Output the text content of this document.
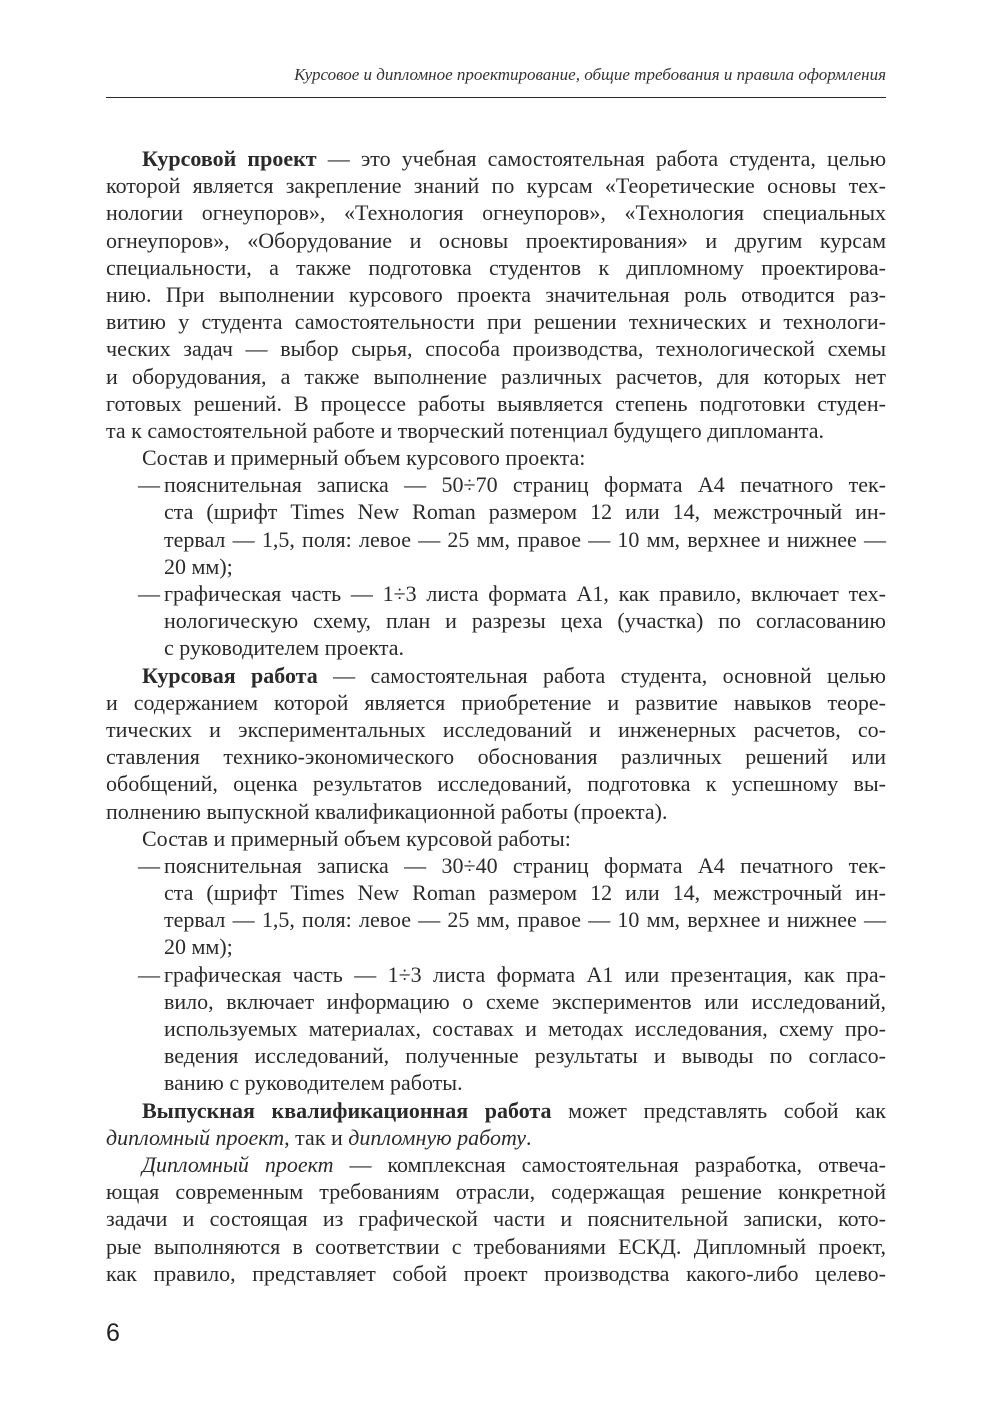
Курсовое и дипломное проектирование, общие требования и правила оформления
Курсовой проект — это учебная самостоятельная работа студента, целью
которой является закрепление знаний по курсам «Теоретические основы тех-
нологии огнеупоров», «Технология огнеупоров», «Технология специальных
огнеупоров», «Оборудование и основы проектирования» и другим курсам
специальности, а также подготовка студентов к дипломному проектирова-
нию. При выполнении курсового проекта значительная роль отводится раз-
витию у студента самостоятельности при решении технических и технологи-
ческих задач — выбор сырья, способа производства, технологической схемы
и оборудования, а также выполнение различных расчетов, для которых нет
готовых решений. В процессе работы выявляется степень подготовки студен-
та к самостоятельной работе и творческий потенциал будущего дипломанта.
Состав и примерный объем курсового проекта:
— пояснительная записка — 50÷70 страниц формата А4 печатного тек-
ста (шрифт Times New Roman размером 12 или 14, межстрочный ин-
тервал — 1,5, поля: левое — 25 мм, правое — 10 мм, верхнее и нижнее —
20 мм);
— графическая часть — 1÷3 листа формата А1, как правило, включает тех-
нологическую схему, план и разрезы цеха (участка) по согласованию
с руководителем проекта.
Курсовая работа — самостоятельная работа студента, основной целью
и содержанием которой является приобретение и развитие навыков теоре-
тических и экспериментальных исследований и инженерных расчетов, со-
ставления технико-экономического обоснования различных решений или
обобщений, оценка результатов исследований, подготовка к успешному вы-
полнению выпускной квалификационной работы (проекта).
Состав и примерный объем курсовой работы:
— пояснительная записка — 30÷40 страниц формата А4 печатного тек-
ста (шрифт Times New Roman размером 12 или 14, межстрочный ин-
тервал — 1,5, поля: левое — 25 мм, правое — 10 мм, верхнее и нижнее —
20 мм);
— графическая часть — 1÷3 листа формата А1 или презентация, как пра-
вило, включает информацию о схеме экспериментов или исследований,
используемых материалах, составах и методах исследования, схему про-
ведения исследований, полученные результаты и выводы по согласо-
ванию с руководителем работы.
Выпускная квалификационная работа может представлять собой как
дипломный проект, так и дипломную работу.
Дипломный проект — комплексная самостоятельная разработка, отвеча-
ющая современным требованиям отрасли, содержащая решение конкретной
задачи и состоящая из графической части и пояснительной записки, кото-
рые выполняются в соответствии с требованиями ЕСКД. Дипломный проект,
как правило, представляет собой проект производства какого-либо целево-
6
